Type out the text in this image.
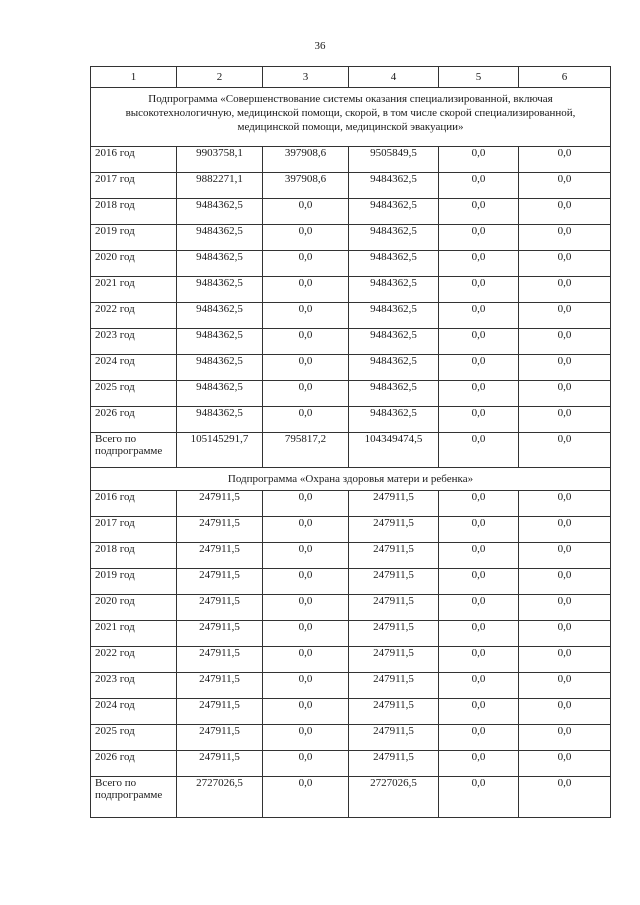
36
1	2	3	4	5	6
Подпрограмма «Совершенствование системы оказания специализированной, включая высокотехнологичную, медицинской помощи, скорой, в том числе скорой специализированной, медицинской помощи, медицинской эвакуации»					
2016 год	9903758,1	397908,6	9505849,5	0,0	0,0
2017 год	9882271,1	397908,6	9484362,5	0,0	0,0
2018 год	9484362,5	0,0	9484362,5	0,0	0,0
2019 год	9484362,5	0,0	9484362,5	0,0	0,0
2020 год	9484362,5	0,0	9484362,5	0,0	0,0
2021 год	9484362,5	0,0	9484362,5	0,0	0,0
2022 год	9484362,5	0,0	9484362,5	0,0	0,0
2023 год	9484362,5	0,0	9484362,5	0,0	0,0
2024 год	9484362,5	0,0	9484362,5	0,0	0,0
2025 год	9484362,5	0,0	9484362,5	0,0	0,0
2026 год	9484362,5	0,0	9484362,5	0,0	0,0

Всего по
подпрограмме	105145291,7	795817,2	104349474,5	0,0	0,0
Подпрограмма «Охрана здоровья матери и ребенка»					
2016 год	247911,5	0,0	247911,5	0,0	0,0
2017 год	247911,5	0,0	247911,5	0,0	0,0
2018 год	247911,5	0,0	247911,5	0,0	0,0
2019 год	247911,5	0,0	247911,5	0,0	0,0
2020 год	247911,5	0,0	247911,5	0,0	0,0
2021 год	247911,5	0,0	247911,5	0,0	0,0
2022 год	247911,5	0,0	247911,5	0,0	0,0
2023 год	247911,5	0,0	247911,5	0,0	0,0
2024 год	247911,5	0,0	247911,5	0,0	0,0
2025 год	247911,5	0,0	247911,5	0,0	0,0
2026 год	247911,5	0,0	247911,5	0,0	0,0

Всего по
подпрограмме	2727026,5	0,0	2727026,5	0,0	0,0
